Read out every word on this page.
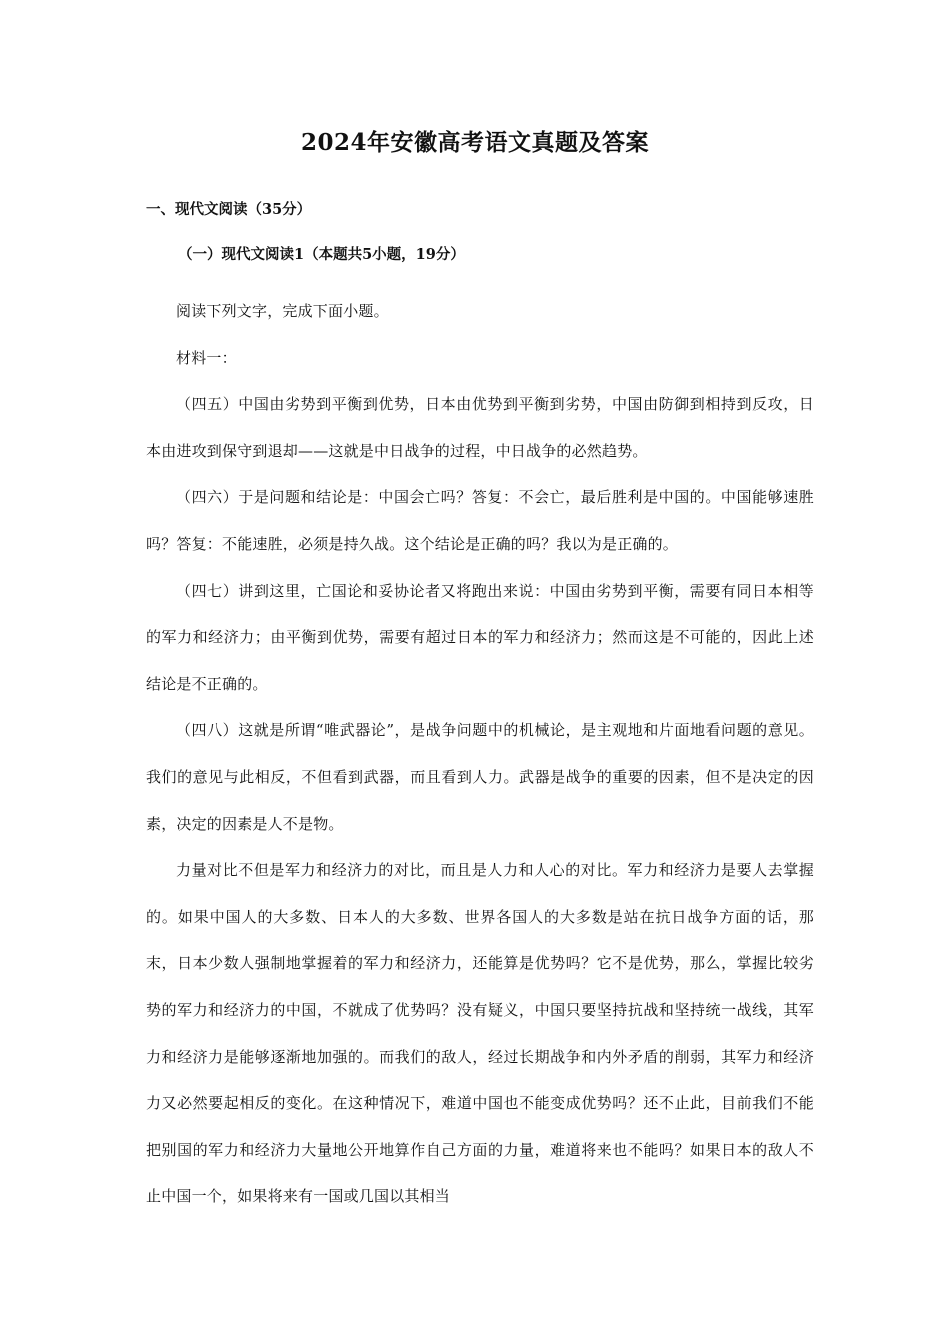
2024年安徽高考语文真题及答案
一、现代文阅读（35分）
（一）现代文阅读1（本题共5小题，19分）

阅读下列文字，完成下面小题。

材料一：

（四五）中国由劣势到平衡到优势，日本由优势到平衡到劣势，中国由防御到相持到反攻，日本由进攻到保守到退却——这就是中日战争的过程，中日战争的必然趋势。

（四六）于是问题和结论是：中国会亡吗？答复：不会亡，最后胜利是中国的。中国能够速胜吗？答复：不能速胜，必须是持久战。这个结论是正确的吗？我以为是正确的。

（四七）讲到这里，亡国论和妥协论者又将跑出来说：中国由劣势到平衡，需要有同日本相等的军力和经济力；由平衡到优势，需要有超过日本的军力和经济力；然而这是不可能的，因此上述结论是不正确的。

（四八）这就是所谓“唯武器论”，是战争问题中的机械论，是主观地和片面地看问题的意见。我们的意见与此相反，不但看到武器，而且看到人力。武器是战争的重要的因素，但不是决定的因素，决定的因素是人不是物。

力量对比不但是军力和经济力的对比，而且是人力和人心的对比。军力和经济力是要人去掌握的。如果中国人的大多数、日本人的大多数、世界各国人的大多数是站在抗日战争方面的话，那末，日本少数人强制地掌握着的军力和经济力，还能算是优势吗？它不是优势，那么，掌握比较劣势的军力和经济力的中国，不就成了优势吗？没有疑义，中国只要坚持抗战和坚持统一战线，其军力和经济力是能够逐渐地加强的。而我们的敌人，经过长期战争和内外矛盾的削弱，其军力和经济力又必然要起相反的变化。在这种情况下，难道中国也不能变成优势吗？还不止此，目前我们不能把别国的军力和经济力大量地公开地算作自己方面的力量，难道将来也不能吗？如果日本的敌人不止中国一个，如果将来有一国或几国以其相当
